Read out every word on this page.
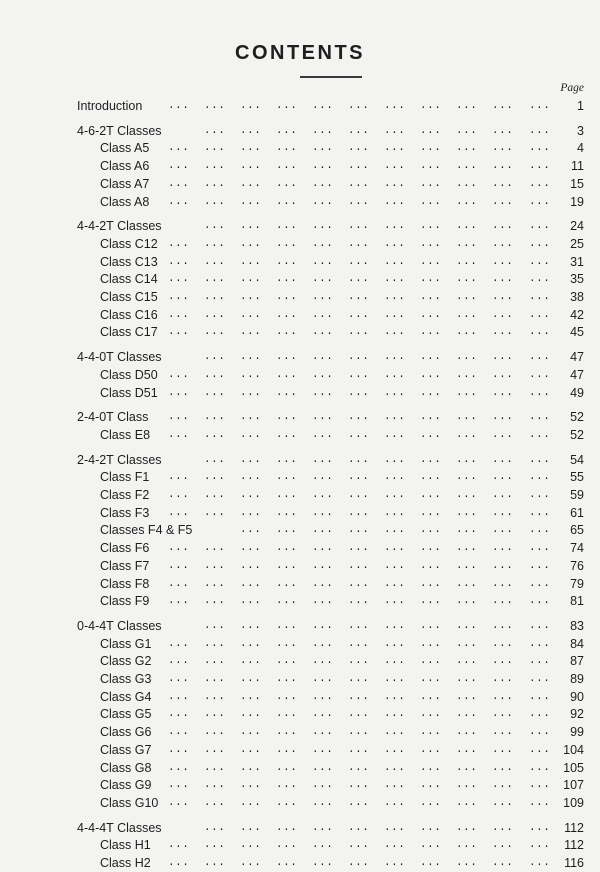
CONTENTS
Page
... ... ... ... ... ... ... ... ... ... ...
Introduction	1
... ... ... ... ... ... ... ... ... ...
4-6-2T Classes	3
... ... ... ... ... ... ... ... ... ... ...
Class A5	4
... ... ... ... ... ... ... ... ... ... ...
Class A6	11
... ... ... ... ... ... ... ... ... ... ...
Class A7	15
... ... ... ... ... ... ... ... ... ... ...
Class A8	19
... ... ... ... ... ... ... ... ... ...
4-4-2T Classes	24
... ... ... ... ... ... ... ... ... ... ...
Class C12	25
... ... ... ... ... ... ... ... ... ... ...
Class C13	31
... ... ... ... ... ... ... ... ... ... ...
Class C14	35
... ... ... ... ... ... ... ... ... ... ...
Class C15	38
... ... ... ... ... ... ... ... ... ... ...
Class C16	42
... ... ... ... ... ... ... ... ... ... ...
Class C17	45
... ... ... ... ... ... ... ... ... ...
4-4-0T Classes	47
... ... ... ... ... ... ... ... ... ... ...
Class D50	47
... ... ... ... ... ... ... ... ... ... ...
Class D51	49
... ... ... ... ... ... ... ... ... ... ...
2-4-0T Class	52
... ... ... ... ... ... ... ... ... ... ...
Class E8	52
... ... ... ... ... ... ... ... ... ...
2-4-2T Classes	54
... ... ... ... ... ... ... ... ... ... ...
Class F1	55
... ... ... ... ... ... ... ... ... ... ...
Class F2	59
... ... ... ... ... ... ... ... ... ... ...
Class F3	61
... ... ... ... ... ... ... ... ...
Classes F4 & F5	65
... ... ... ... ... ... ... ... ... ... ...
Class F6	74
... ... ... ... ... ... ... ... ... ... ...
Class F7	76
... ... ... ... ... ... ... ... ... ... ...
Class F8	79
... ... ... ... ... ... ... ... ... ... ...
Class F9	81
... ... ... ... ... ... ... ... ... ...
0-4-4T Classes	83
... ... ... ... ... ... ... ... ... ... ...
Class G1	84
... ... ... ... ... ... ... ... ... ... ...
Class G2	87
... ... ... ... ... ... ... ... ... ... ...
Class G3	89
... ... ... ... ... ... ... ... ... ... ...
Class G4	90
... ... ... ... ... ... ... ... ... ... ...
Class G5	92
... ... ... ... ... ... ... ... ... ... ...
Class G6	99
... ... ... ... ... ... ... ... ... ... ...
Class G7	104
... ... ... ... ... ... ... ... ... ... ...
Class G8	105
... ... ... ... ... ... ... ... ... ... ...
Class G9	107
... ... ... ... ... ... ... ... ... ... ...
Class G10	109
... ... ... ... ... ... ... ... ... ...
4-4-4T Classes	112
... ... ... ... ... ... ... ... ... ... ...
Class H1	112
... ... ... ... ... ... ... ... ... ... ...
Class H2	116
